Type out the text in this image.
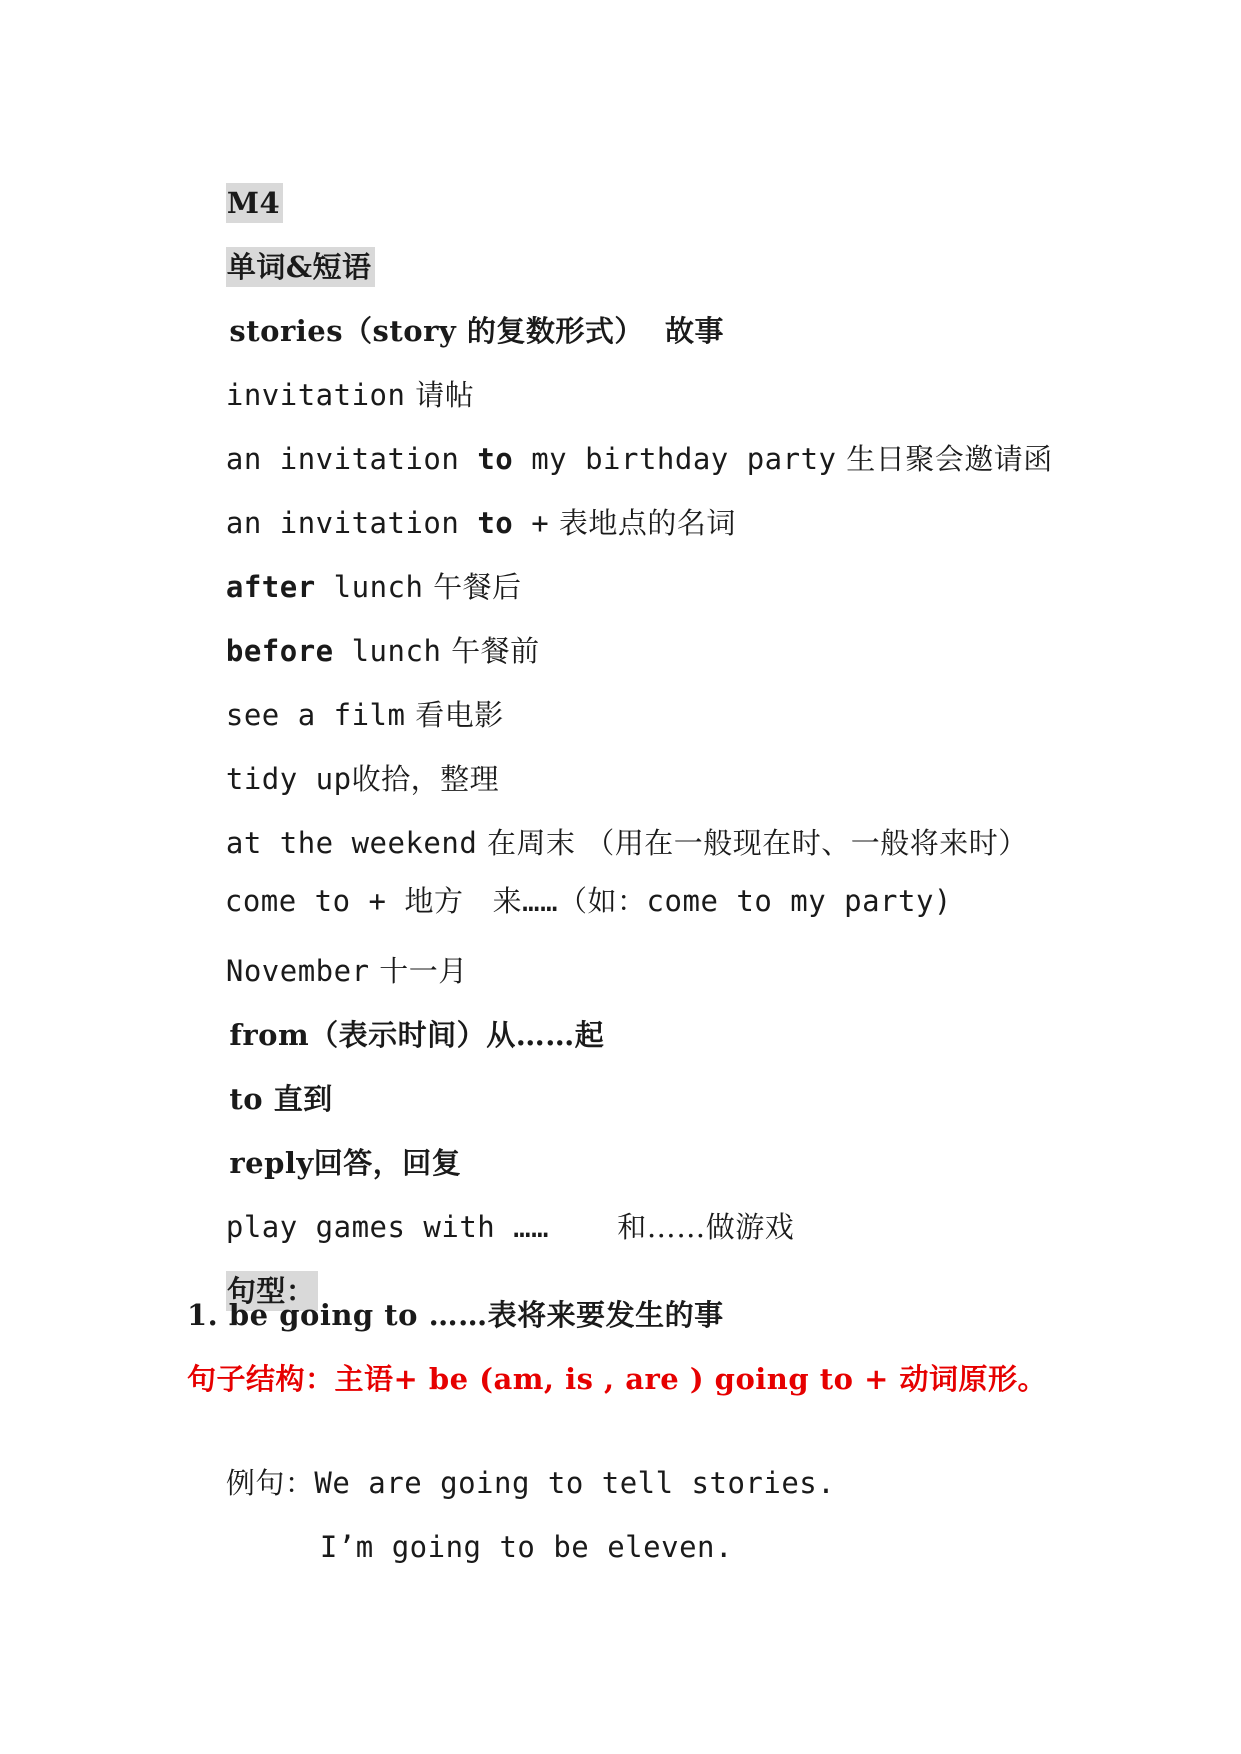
M4

单词&短语

stories（story 的复数形式） 故事

invitation 请帖

an invitation to my birthday party 生日聚会邀请函

an invitation to + 表地点的名词

after lunch 午餐后

before lunch 午餐前

see a film 看电影

tidy up收拾，整理

at the weekend 在周末 （用在一般现在时、一般将来时）

come to + 地方 来……（如：come to my party)

November 十一月

from（表示时间）从……起

to 直到

reply回答，回复

play games with …… 和……做游戏

句型：

1. be going to ……表将来要发生的事
句子结构：主语+ be (am, is , are ) going to + 动词原形。

例句：We are going to tell stories.

I’m going to be eleven.
